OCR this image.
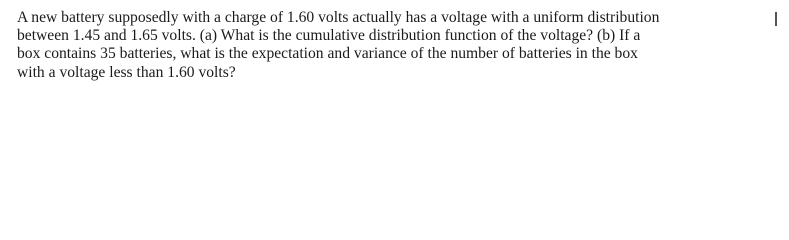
A new battery supposedly with a charge of 1.60 volts actually has a voltage with a uniform distribution
between 1.45 and 1.65 volts. (a) What is the cumulative distribution function of the voltage? (b) If a
box contains 35 batteries, what is the expectation and variance of the number of batteries in the box
with a voltage less than 1.60 volts?
